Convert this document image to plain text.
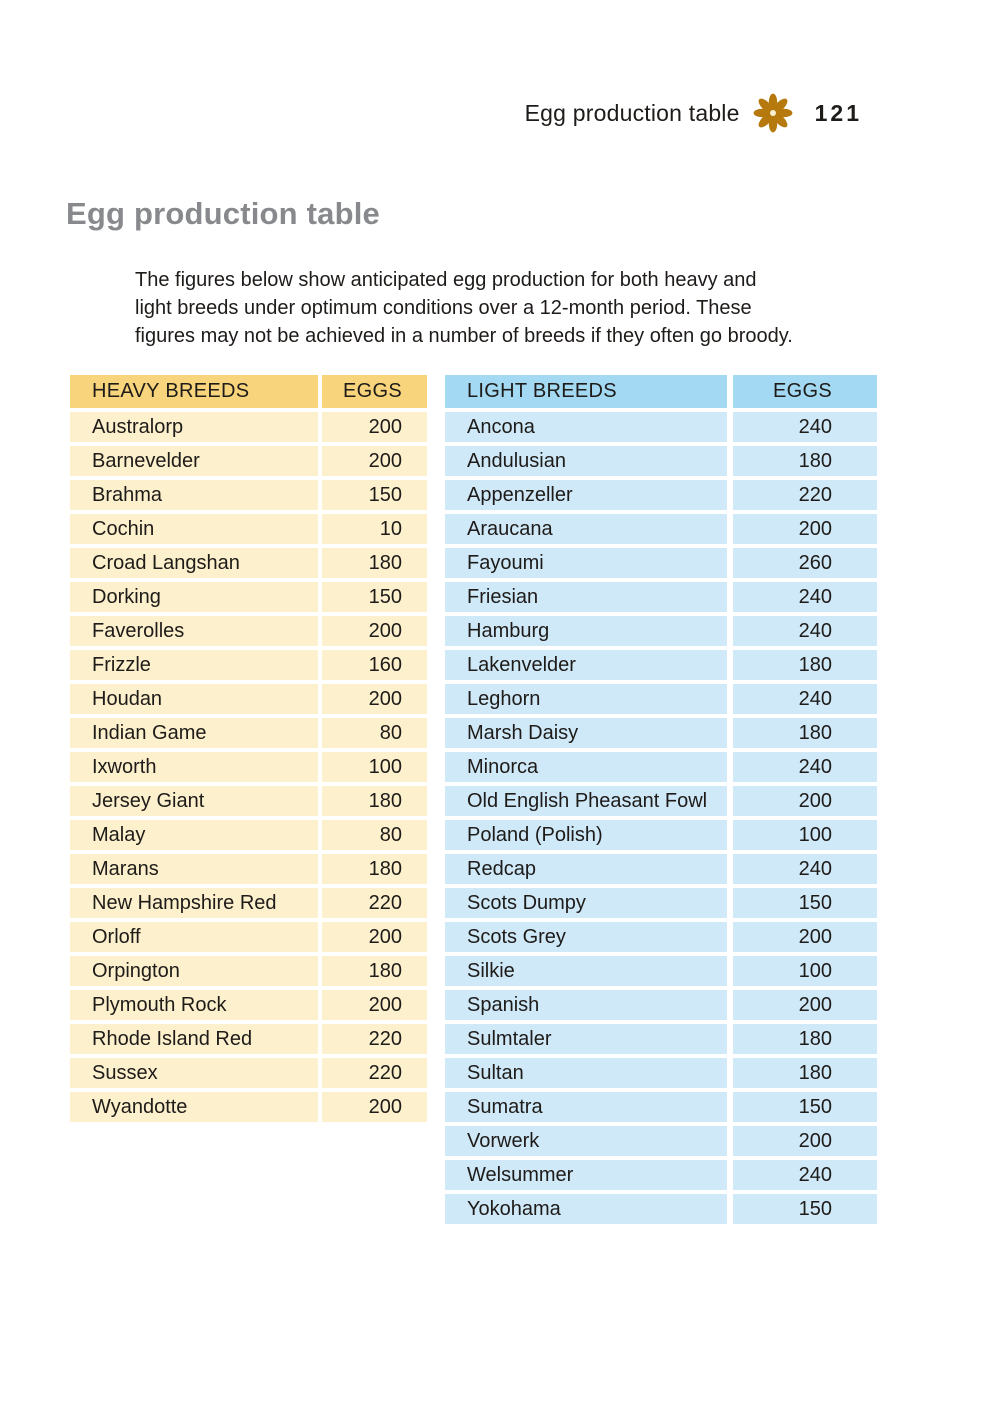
Egg production table	121
Egg production table
The figures below show anticipated egg production for both heavy and
light breeds under optimum conditions over a 12-month period. These
figures may not be achieved in a number of breeds if they often go broody.
HEAVY BREEDS	EGGS
Australorp	200
Barnevelder	200
Brahma	150
Cochin	10
Croad Langshan	180
Dorking	150
Faverolles	200
Frizzle	160
Houdan	200
Indian Game	80
Ixworth	100
Jersey Giant	180
Malay	80
Marans	180
New Hampshire Red	220
Orloff	200
Orpington	180
Plymouth Rock	200
Rhode Island Red	220
Sussex	220
Wyandotte	200
LIGHT BREEDS	EGGS
Ancona	240
Andulusian	180
Appenzeller	220
Araucana	200
Fayoumi	260
Friesian	240
Hamburg	240
Lakenvelder	180
Leghorn	240
Marsh Daisy	180
Minorca	240
Old English Pheasant Fowl	200
Poland (Polish)	100
Redcap	240
Scots Dumpy	150
Scots Grey	200
Silkie	100
Spanish	200
Sulmtaler	180
Sultan	180
Sumatra	150
Vorwerk	200
Welsummer	240
Yokohama	150
